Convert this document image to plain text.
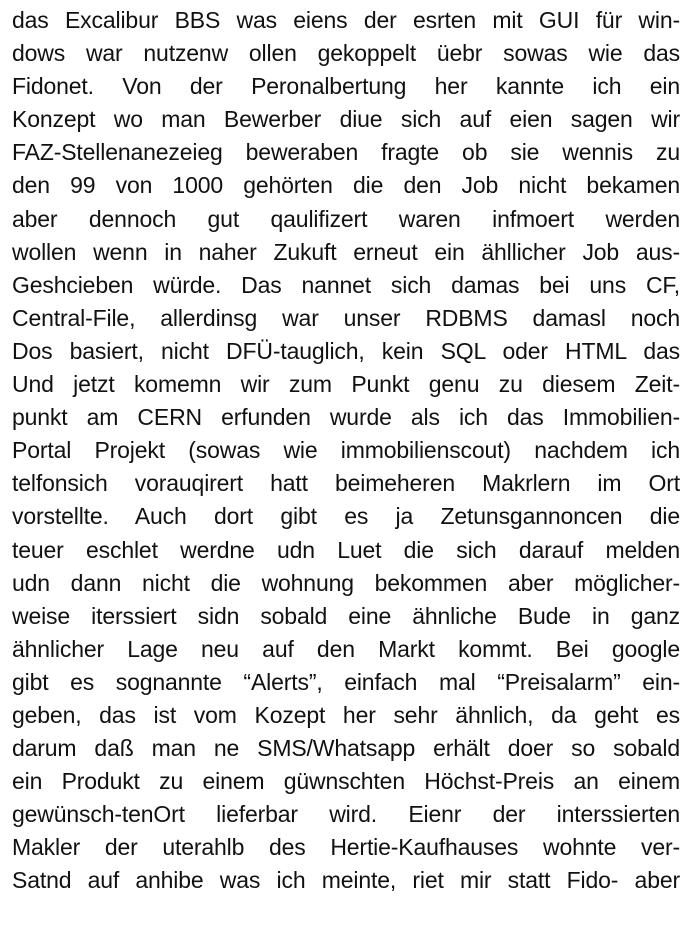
das Excalibur BBS was eiens der esrten mit GUI für win-
dows war nutzenw ollen gekoppelt üebr sowas wie das
Fidonet. Von der Peronalbertung her kannte ich ein
Konzept wo man Bewerber diue sich auf eien sagen wir
FAZ-Stellenanezeieg beweraben fragte ob sie wennis zu
den 99 von 1000 gehörten die den Job nicht bekamen
aber dennoch gut qaulifizert waren infmoert werden
wollen wenn in naher Zukuft erneut ein ähllicher Job aus-
Geshcieben würde. Das nannet sich damas bei uns CF,
Central-File, allerdinsg war unser RDBMS damasl noch
Dos basiert, nicht DFÜ-tauglich, kein SQL oder HTML das
Und jetzt komemn wir zum Punkt genu zu diesem Zeit-
punkt am CERN erfunden wurde als ich das Immobilien-
Portal Projekt (sowas wie immobilienscout) nachdem ich
telfonsich vorauqirert hatt beimeheren Makrlern im Ort
vorstellte. Auch dort gibt es ja Zetunsgannoncen die
teuer eschlet werdne udn Luet die sich darauf melden
udn dann nicht die wohnung bekommen aber möglicher-
weise iterssiert sidn sobald eine ähnliche Bude in ganz
ähnlicher Lage neu auf den Markt kommt. Bei google
gibt es sognannte “Alerts”, einfach mal “Preisalarm” ein-
geben, das ist vom Kozept her sehr ähnlich, da geht es
darum daß man ne SMS/Whatsapp erhält doer so sobald
ein Produkt zu einem güwnschten Höchst-Preis an einem
gewünsch-tenOrt lieferbar wird. Eienr der interssierten
Makler der uterahlb des Hertie-Kaufhauses wohnte ver-
Satnd auf anhibe was ich meinte, riet mir statt Fido- aber
